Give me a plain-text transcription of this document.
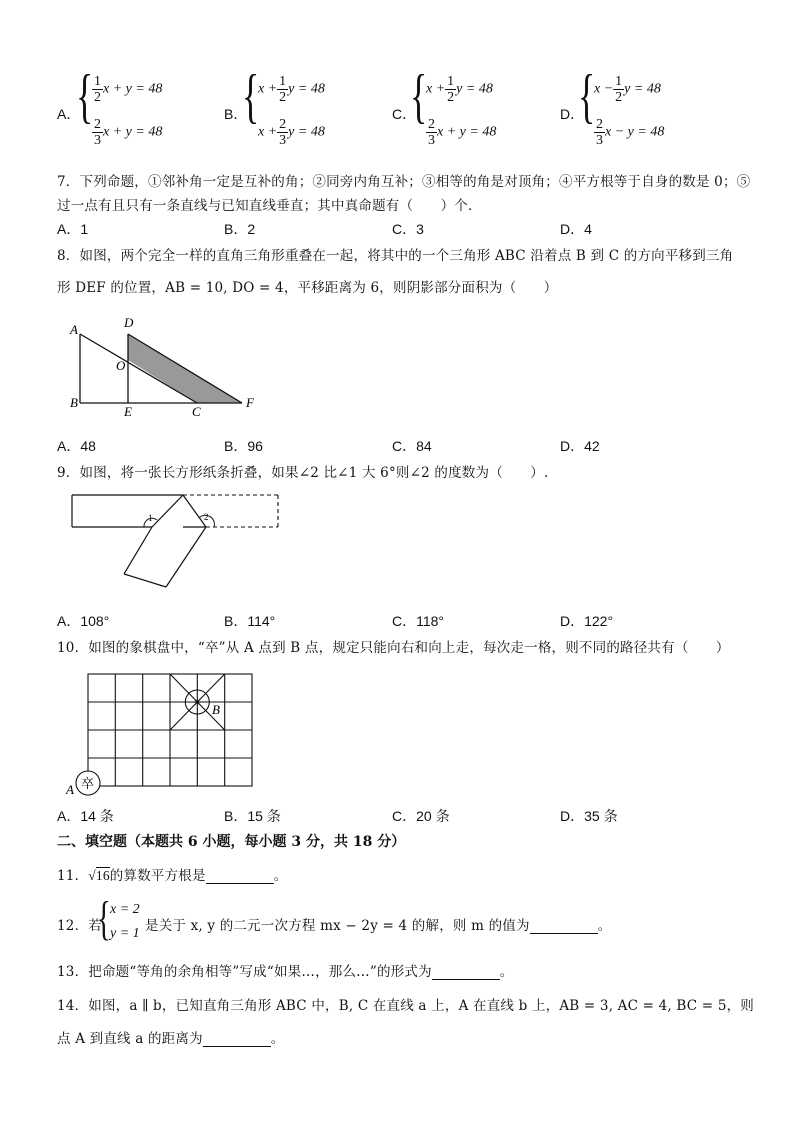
A．
{
$\frac{1}{2}$ x + y = 48
$\frac{2}{3}$ x + y = 48
B．
{
$x + \frac{1}{2}$ y = 48
$x + \frac{2}{3}$ y = 48
C．
{
$x + \frac{1}{2}$ y = 48
$\frac{2}{3}$ x + y = 48
D．
{
$x - \frac{1}{2}$ y = 48
$\frac{2}{3}$ x − y = 48
7．下列命题，①邻补角一定是互补的角；②同旁内角互补；③相等的角是对顶角；④平方根等于自身的数是 0；⑤
过一点有且只有一条直线与已知直线垂直；其中真命题有（　　）个．
A．1	B．2	C．3	D．4
8．如图，两个完全一样的直角三角形重叠在一起，将其中的一个三角形 ABC 沿着点 B 到 C 的方向平移到三角
形 DEF 的位置，AB = 10, DO = 4，平移距离为 6，则阴影部分面积为（　　）
A
B
D
O
E	C
F
A．48	B．96	C．84	D．42
9．如图，将一张长方形纸条折叠，如果∠2 比∠1 大 6°则∠2 的度数为（　　）.
1	2
A．108°	B．114°	C．118°	D．122°
10．如图的象棋盘中，“卒”从 A 点到 B 点，规定只能向右和向上走，每次走一格，则不同的路径共有（　　）
✳ B
卒
A
A．14 条	B．15 条	C．20 条	D．35 条
二、填空题（本题共 6 小题，每小题 3 分，共 18 分）
11．√16的算数平方根是	。
12．若
{ x = 2
y = 1 是关于 x, y 的二元一次方程 mx − 2y = 4 的解，则 m 的值为	。
13．把命题“等角的余角相等”写成“如果…，那么…”的形式为	。
14．如图，a ∥ b，已知直角三角形 ABC 中，B, C 在直线 a 上，A 在直线 b 上，AB = 3, AC = 4, BC = 5，则
点 A 到直线 a 的距离为	。
